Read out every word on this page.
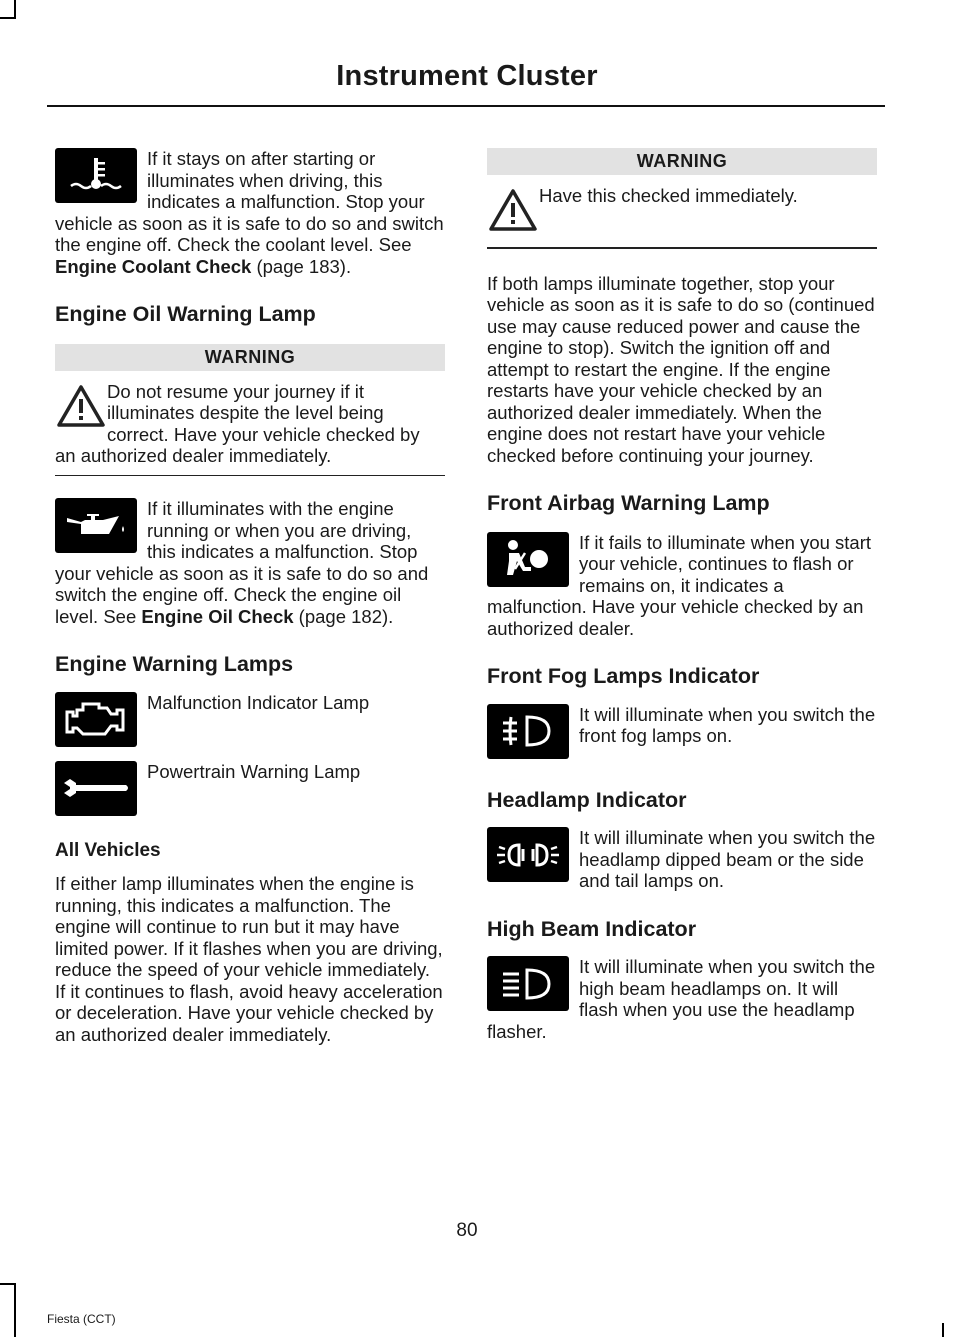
Instrument Cluster

If it stays on after starting or illuminates when driving, this indicates a malfunction. Stop your vehicle as soon as it is safe to do so and switch the engine off. Check the coolant level. See Engine Coolant Check (page 183).

Engine Oil Warning Lamp
WARNING

Do not resume your journey if it illuminates despite the level being correct. Have your vehicle checked by an authorized dealer immediately.

If it illuminates with the engine running or when you are driving, this indicates a malfunction. Stop your vehicle as soon as it is safe to do so and switch the engine off. Check the engine oil level. See Engine Oil Check (page 182).

Engine Warning Lamps

Malfunction Indicator Lamp

Powertrain Warning Lamp

All Vehicles

If either lamp illuminates when the engine is running, this indicates a malfunction. The engine will continue to run but it may have limited power. If it flashes when you are driving, reduce the speed of your vehicle immediately. If it continues to flash, avoid heavy acceleration or deceleration. Have your vehicle checked by an authorized dealer immediately.

WARNING

Have this checked immediately.

If both lamps illuminate together, stop your vehicle as soon as it is safe to do so (continued use may cause reduced power and cause the engine to stop). Switch the ignition off and attempt to restart the engine. If the engine restarts have your vehicle checked by an authorized dealer immediately. When the engine does not restart have your vehicle checked before continuing your journey.

Front Airbag Warning Lamp

If it fails to illuminate when you start your vehicle, continues to flash or remains on, it indicates a malfunction. Have your vehicle checked by an authorized dealer.

Front Fog Lamps Indicator

It will illuminate when you switch the front fog lamps on.

Headlamp Indicator

It will illuminate when you switch the headlamp dipped beam or the side and tail lamps on.

High Beam Indicator

It will illuminate when you switch the high beam headlamps on. It will flash when you use the headlamp flasher.

80
Fiesta (CCT)
